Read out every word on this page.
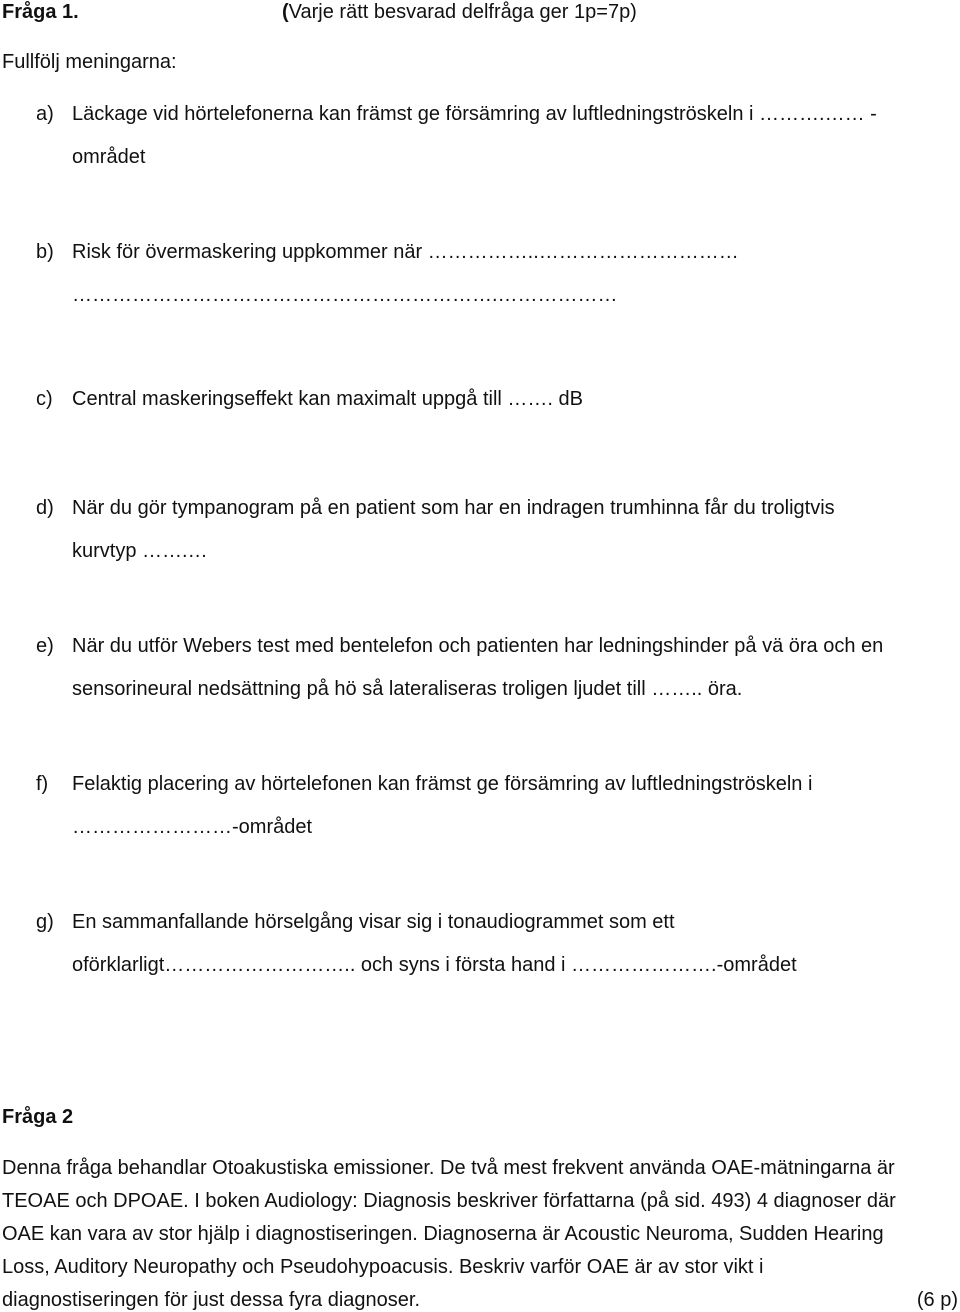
Fråga 1.	(Varje rätt besvarad delfråga ger 1p=7p)
Fullfölj meningarna:
a) Läckage vid hörtelefonerna kan främst ge försämring av luftledningströskeln i ……….…… -
området
b) Risk för övermaskering uppkommer när ……………..…………………………
……………………………………………………….………………
c) Central maskeringseffekt kan maximalt uppgå till ……. dB
d) När du gör tympanogram på en patient som har en indragen trumhinna får du troligtvis
kurvtyp …….…
e) När du utför Webers test med bentelefon och patienten har ledningshinder på vä öra och en
sensorineural nedsättning på hö så lateraliseras troligen ljudet till …….. öra.
f) Felaktig placering av hörtelefonen kan främst ge försämring av luftledningströskeln i
……………………-området
g) En sammanfallande hörselgång visar sig i tonaudiogrammet som ett
oförklarligt……………………….. och syns i första hand i ………………….-området
Fråga 2
Denna fråga behandlar Otoakustiska emissioner. De två mest frekvent använda OAE-mätningarna är
TEOAE och DPOAE. I boken Audiology: Diagnosis beskriver författarna (på sid. 493) 4 diagnoser där
OAE kan vara av stor hjälp i diagnostiseringen. Diagnoserna är Acoustic Neuroma, Sudden Hearing
Loss, Auditory Neuropathy och Pseudohypoacusis. Beskriv varför OAE är av stor vikt i
diagnostiseringen för just dessa fyra diagnoser.	(6 p)
